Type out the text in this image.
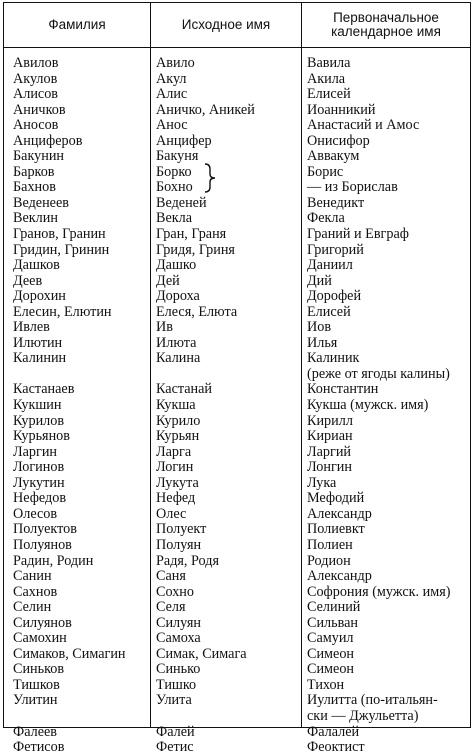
Фамилия	Исходное имя	Первоначальное
календарное имя
Авилов
Акулов
Алисов
Аничков
Аносов
Анциферов
Бакунин
Барков
Бахнов
Веденеев
Веклин
Гранов, Гранин
Гридин, Гринин
Дашков
Деев
Дорохин
Елесин, Елютин
Ивлев
Илютин
Калинин
Кастанаев
Кукшин
Курилов
Курьянов
Ларгин
Логинов
Лукутин
Нефедов
Олесов
Полуектов
Полуянов
Радин, Родин
Санин
Сахнов
Селин
Силуянов
Самохин
Симаков, Симагин
Синьков
Тишков
Улитин
Фалеев
Фетисов
Авило
Акул
Алис
Аничко, Аникей
Анос
Анцифер
Бакуня
Борко
Бохно
Веденей
Векла
Гран, Граня
Гридя, Гриня
Дашко
Дей
Дороха
Елеся, Елюта
Ив
Илюта
Калина
Кастанай
Кукша
Курило
Курьян
Ларга
Логин
Лукута
Нефед
Олес
Полуект
Полуян
Радя, Родя
Саня
Сохно
Селя
Силуян
Самоха
Симак, Симага
Синько
Тишко
Улита
Фалей
Фетис
Вавила
Акила
Елисей
Иоанникий
Анастасий и Амос
Онисифор
Аввакум
Борис
— из Борислав
Венедикт
Фекла
Граний и Евграф
Григорий
Даниил
Дий
Дорофей
Елисей
Иов
Илья
Калиник
(реже от ягоды калины)
Константин
Кукша (мужск. имя)
Кирилл
Кириан
Ларгий
Лонгин
Лука
Мефодий
Александр
Полиевкт
Полиен
Родион
Александр
Софрония (мужск. имя)
Селиний
Сильван
Самуил
Симеон
Симеон
Тихон
Иулитта (по-итальян-
ски — Джульетта)
Фалалей
Феоктист
